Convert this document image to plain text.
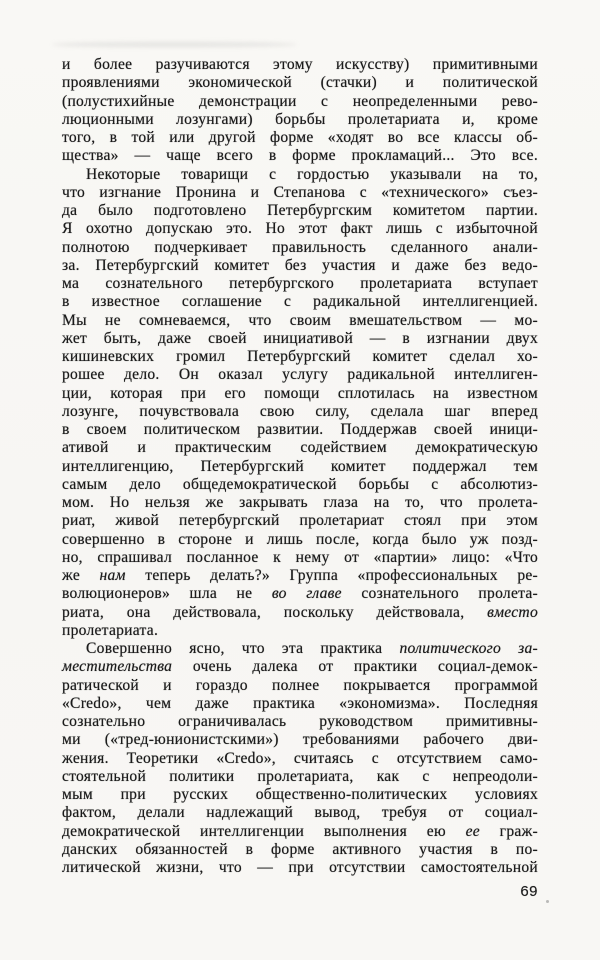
и более разучиваются этому искусству) примитивными
проявлениями экономической (стачки) и политической
(полустихийные демонстрации с неопределенными рево-
люционными лозунгами) борьбы пролетариата и, кроме
того, в той или другой форме «ходят во все классы об-
щества» — чаще всего в форме прокламаций... Это все.
Некоторые товарищи с гордостью указывали на то,
что изгнание Пронина и Степанова с «технического» съез-
да было подготовлено Петербургским комитетом партии.
Я охотно допускаю это. Но этот факт лишь с избыточной
полнотою подчеркивает правильность сделанного анали-
за. Петербургский комитет без участия и даже без ведо-
ма сознательного петербургского пролетариата вступает
в известное соглашение с радикальной интеллигенцией.
Мы не сомневаемся, что своим вмешательством — мо-
жет быть, даже своей инициативой — в изгнании двух
кишиневских громил Петербургский комитет сделал хо-
рошее дело. Он оказал услугу радикальной интеллиген-
ции, которая при его помощи сплотилась на известном
лозунге, почувствовала свою силу, сделала шаг вперед
в своем политическом развитии. Поддержав своей иници-
ативой и практическим содействием демократическую
интеллигенцию, Петербургский комитет поддержал тем
самым дело общедемократической борьбы с абсолютиз-
мом. Но нельзя же закрывать глаза на то, что пролета-
риат, живой петербургский пролетариат стоял при этом
совершенно в стороне и лишь после, когда было уж позд-
но, спрашивал посланное к нему от «партии» лицо: «Что
же нам теперь делать?» Группа «профессиональных ре-
волюционеров» шла не во главе сознательного пролета-
риата, она действовала, поскольку действовала, вместо
пролетариата.
Совершенно ясно, что эта практика политического за-
местительства очень далека от практики социал-демок-
ратической и гораздо полнее покрывается программой
«Credo», чем даже практика «экономизма». Последняя
сознательно ограничивалась руководством примитивны-
ми («тред-юнионистскими») требованиями рабочего дви-
жения. Теоретики «Credo», считаясь с отсутствием само-
стоятельной политики пролетариата, как с непреодоли-
мым при русских общественно-политических условиях
фактом, делали надлежащий вывод, требуя от социал-
демократической интеллигенции выполнения ею ее граж-
данских обязанностей в форме активного участия в по-
литической жизни, что — при отсутствии самостоятельной
69
